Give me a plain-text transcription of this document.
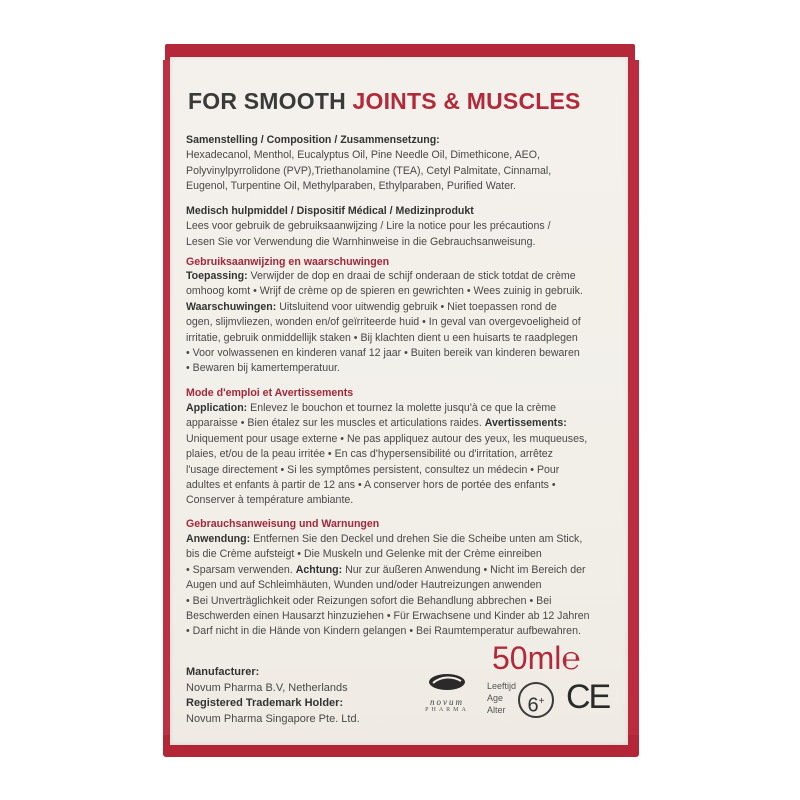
FOR SMOOTH JOINTS & MUSCLES
Samenstelling / Composition / Zusammensetzung:
Hexadecanol, Menthol, Eucalyptus Oil, Pine Needle Oil, Dimethicone, AEO,
Polyvinylpyrrolidone (PVP),Triethanolamine (TEA), Cetyl Palmitate, Cinnamal,
Eugenol, Turpentine Oil, Methylparaben, Ethylparaben, Purified Water.
Medisch hulpmiddel / Dispositif Médical / Medizinprodukt
Lees voor gebruik de gebruiksaanwijzing / Lire la notice pour les précautions /
Lesen Sie vor Verwendung die Warnhinweise in die Gebrauchsanweisung.
Gebruiksaanwijzing en waarschuwingen
Toepassing: Verwijder de dop en draai de schijf onderaan de stick totdat de crème
omhoog komt • Wrijf de crème op de spieren en gewrichten • Wees zuinig in gebruik.
Waarschuwingen: Uitsluitend voor uitwendig gebruik • Niet toepassen rond de
ogen, slijmvliezen, wonden en/of geïrriteerde huid • In geval van overgevoeligheid of
irritatie, gebruik onmiddellijk staken • Bij klachten dient u een huisarts te raadplegen
• Voor volwassenen en kinderen vanaf 12 jaar • Buiten bereik van kinderen bewaren
• Bewaren bij kamertemperatuur.
Mode d'emploi et Avertissements
Application: Enlevez le bouchon et tournez la molette jusqu'à ce que la crème
apparaisse • Bien étalez sur les muscles et articulations raides. Avertissements:
Uniquement pour usage externe • Ne pas appliquez autour des yeux, les muqueuses,
plaies, et/ou de la peau irritée • En cas d'hypersensibilité ou d'irritation, arrêtez
l'usage directement • Si les symptômes persistent, consultez un médecin • Pour
adultes et enfants à partir de 12 ans • A conserver hors de portée des enfants •
Conserver à température ambiante.
Gebrauchsanweisung und Warnungen
Anwendung: Entfernen Sie den Deckel und drehen Sie die Scheibe unten am Stick,
bis die Crème aufsteigt • Die Muskeln und Gelenke mit der Crème einreiben
• Sparsam verwenden. Achtung: Nur zur äußeren Anwendung • Nicht im Bereich der
Augen und auf Schleimhäuten, Wunden und/oder Hautreizungen anwenden
• Bei Unverträglichkeit oder Reizungen sofort die Behandlung abbrechen • Bei
Beschwerden einen Hausarzt hinzuziehen • Für Erwachsene und Kinder ab 12 Jahren
• Darf nicht in die Hände von Kindern gelangen • Bei Raumtemperatur aufbewahren.
Manufacturer:
Novum Pharma B.V, Netherlands
Registered Trademark Holder:
Novum Pharma Singapore Pte. Ltd.
novum
PHARMA
50ml℮
Leeftijd
Age
Alter	6+ CE
